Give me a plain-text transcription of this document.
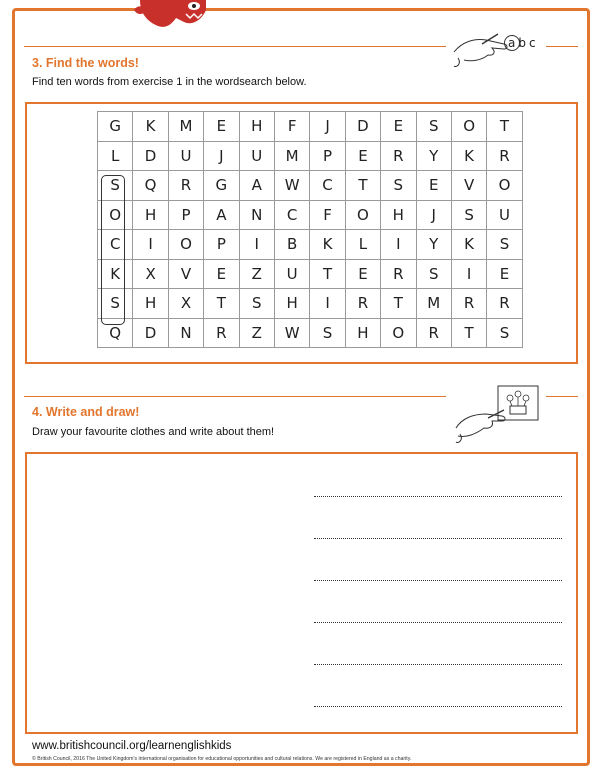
abc
3. Find the words!
Find ten words from exercise 1 in the wordsearch below.
G	K	M	E	H	F	J	D	E	S	O	T
L	D	U	J	U	M	P	E	R	Y	K	R
S	Q	R	G	A	W	C	T	S	E	V	O
O	H	P	A	N	C	F	O	H	J	S	U
C	I	O	P	I	B	K	L	I	Y	K	S
K	X	V	E	Z	U	T	E	R	S	I	E
S	H	X	T	S	H	I	R	T	M	R	R
Q	D	N	R	Z	W	S	H	O	R	T	S
4. Write and draw!
Draw your favourite clothes and write about them!
www.britishcouncil.org/learnenglishkids
© British Council, 2016 The United Kingdom's international organisation for educational opportunities and cultural relations. We are registered in England as a charity.
